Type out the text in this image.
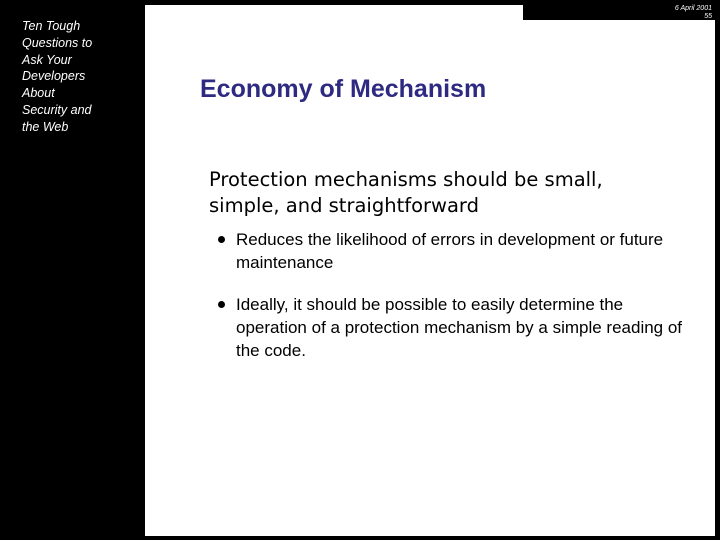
Ten Tough
Questions to
Ask Your
Developers
About
Security and
the Web

6 April 2001
55
Economy of Mechanism

Protection mechanisms should be small, simple, and straightforward

Reduces the likelihood of errors in development or future maintenance
Ideally, it should be possible to easily determine the operation of a protection mechanism by a simple reading of the code.
